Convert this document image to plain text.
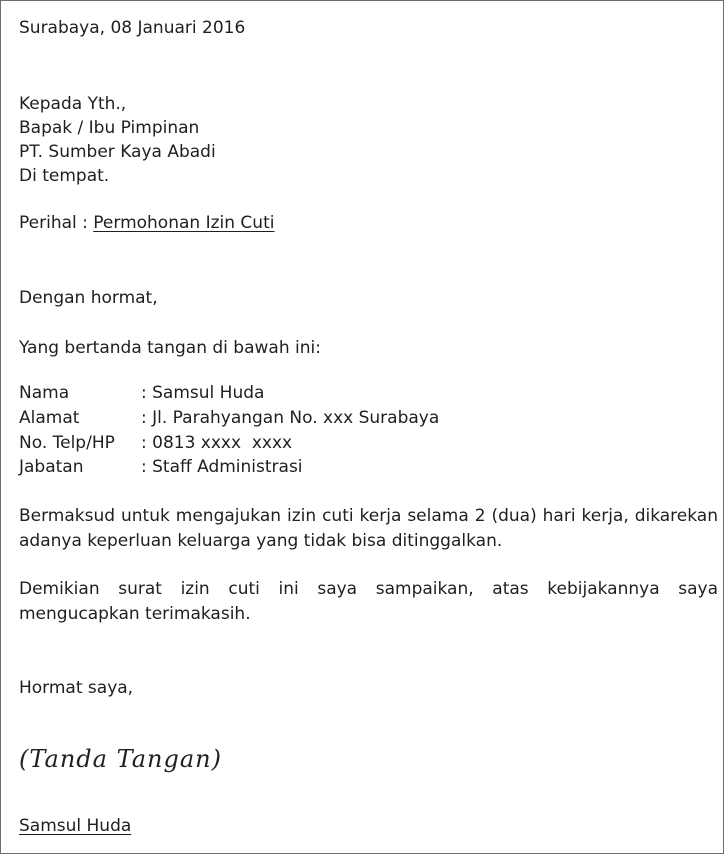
Surabaya, 08 Januari 2016
Kepada Yth.,
Bapak / Ibu Pimpinan
PT. Sumber Kaya Abadi
Di tempat.
Perihal : Permohonan Izin Cuti
Dengan hormat,
Yang bertanda tangan di bawah ini:
Nama	: Samsul Huda
Alamat	: Jl. Parahyangan No. xxx Surabaya
No. Telp/HP : 0813 xxxx  xxxx
Jabatan	: Staff Administrasi
Bermaksud untuk mengajukan izin cuti kerja selama 2 (dua) hari kerja, dikarekan adanya keperluan keluarga yang tidak bisa ditinggalkan.
Demikian surat izin cuti ini saya sampaikan, atas kebijakannya saya mengucapkan terimakasih.
Hormat saya,
(Tanda Tangan)
Samsul Huda
